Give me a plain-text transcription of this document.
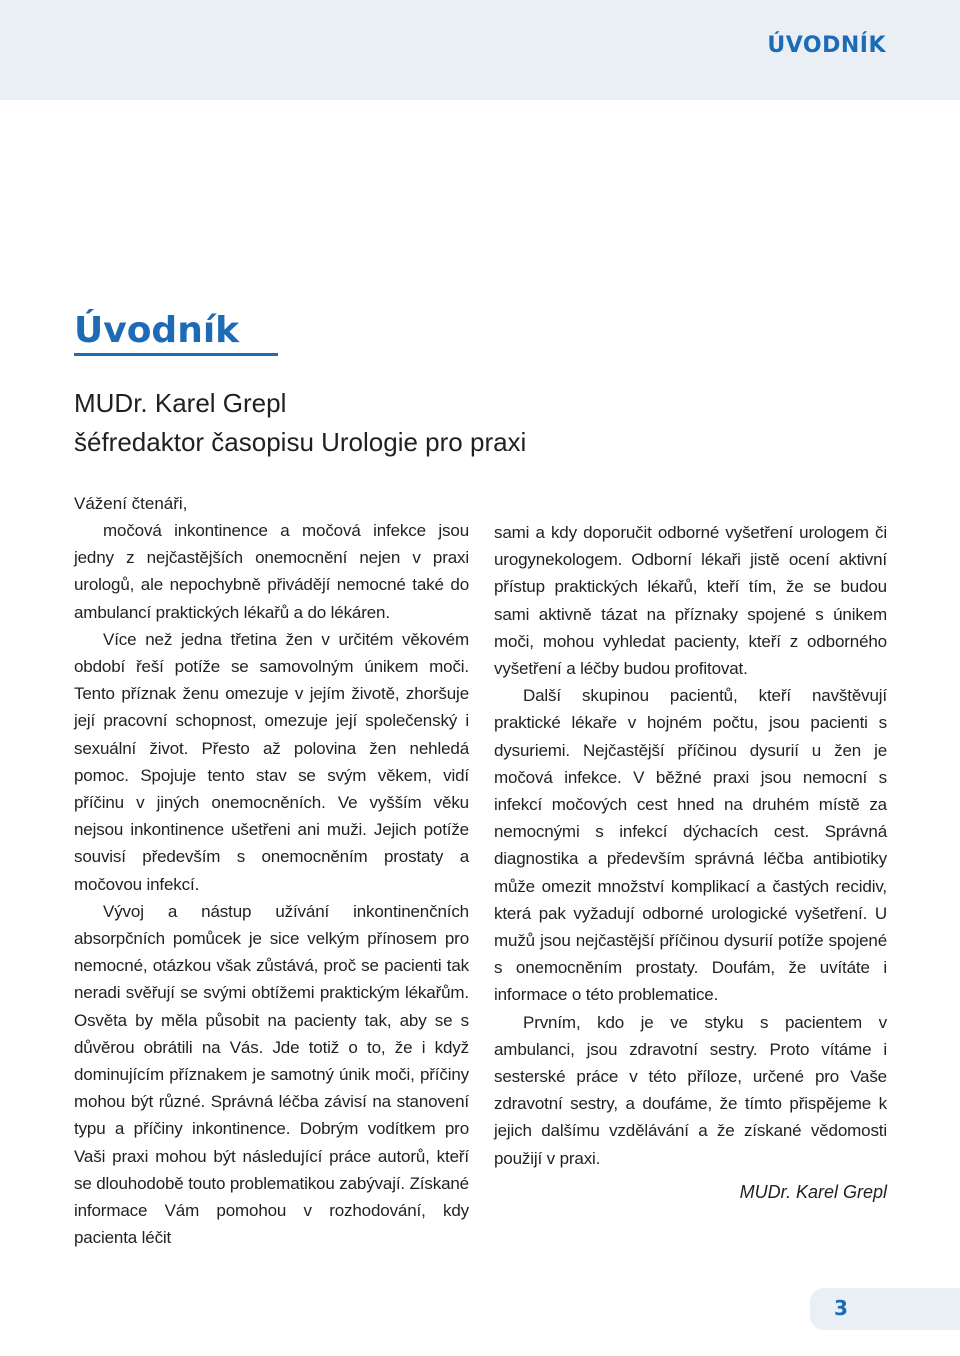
ÚVODNÍK
Úvodník
MUDr. Karel Grepl
šéfredaktor časopisu Urologie pro praxi
Vážení čtenáři,

močová inkontinence a močová infekce jsou jedny z nejčastějších onemocnění nejen v praxi urologů, ale nepochybně přivádějí nemocné také do ambulancí praktických lékařů a do lékáren.

Více než jedna třetina žen v určitém věkovém období řeší potíže se samovolným únikem moči. Tento příznak ženu omezuje v jejím životě, zhoršuje její pracovní schopnost, omezuje její společenský i sexuální život. Přesto až polovina žen nehledá pomoc. Spojuje tento stav se svým věkem, vidí příčinu v jiných onemocněních. Ve vyšším věku nejsou inkontinence ušetřeni ani muži. Jejich potíže souvisí především s onemocněním prostaty a močovou infekcí.

Vývoj a nástup užívání inkontinenčních absorpčních pomůcek je sice velkým přínosem pro nemocné, otázkou však zůstává, proč se pacienti tak neradi svěřují se svými obtížemi praktickým lékařům. Osvěta by měla působit na pacienty tak, aby se s důvěrou obrátili na Vás. Jde totiž o to, že i když dominujícím příznakem je samotný únik moči, příčiny mohou být různé. Správná léčba závisí na stanovení typu a příčiny inkontinence. Dobrým vodítkem pro Vaši praxi mohou být následující práce autorů, kteří se dlouhodobě touto problematikou zabývají. Získané informace Vám pomohou v rozhodování, kdy pacienta léčit

sami a kdy doporučit odborné vyšetření urologem či urogynekologem. Odborní lékaři jistě ocení aktivní přístup praktických lékařů, kteří tím, že se budou sami aktivně tázat na příznaky spojené s únikem moči, mohou vyhledat pacienty, kteří z odborného vyšetření a léčby budou profitovat.

Další skupinou pacientů, kteří navštěvují praktické lékaře v hojném počtu, jsou pacienti s dysuriemi. Nejčastější příčinou dysurií u žen je močová infekce. V běžné praxi jsou nemocní s infekcí močových cest hned na druhém místě za nemocnými s infekcí dýchacích cest. Správná diagnostika a především správná léčba antibiotiky může omezit množství komplikací a častých recidiv, která pak vyžadují odborné urologické vyšetření. U mužů jsou nejčastější příčinou dysurií potíže spojené s onemocněním prostaty. Doufám, že uvítáte i informace o této problematice.

Prvním, kdo je ve styku s pacientem v ambulanci, jsou zdravotní sestry. Proto vítáme i sesterské práce v této příloze, určené pro Vaše zdravotní sestry, a doufáme, že tímto přispějeme k jejich dalšímu vzdělávání a že získané vědomosti použijí v praxi.

MUDr. Karel Grepl
3
